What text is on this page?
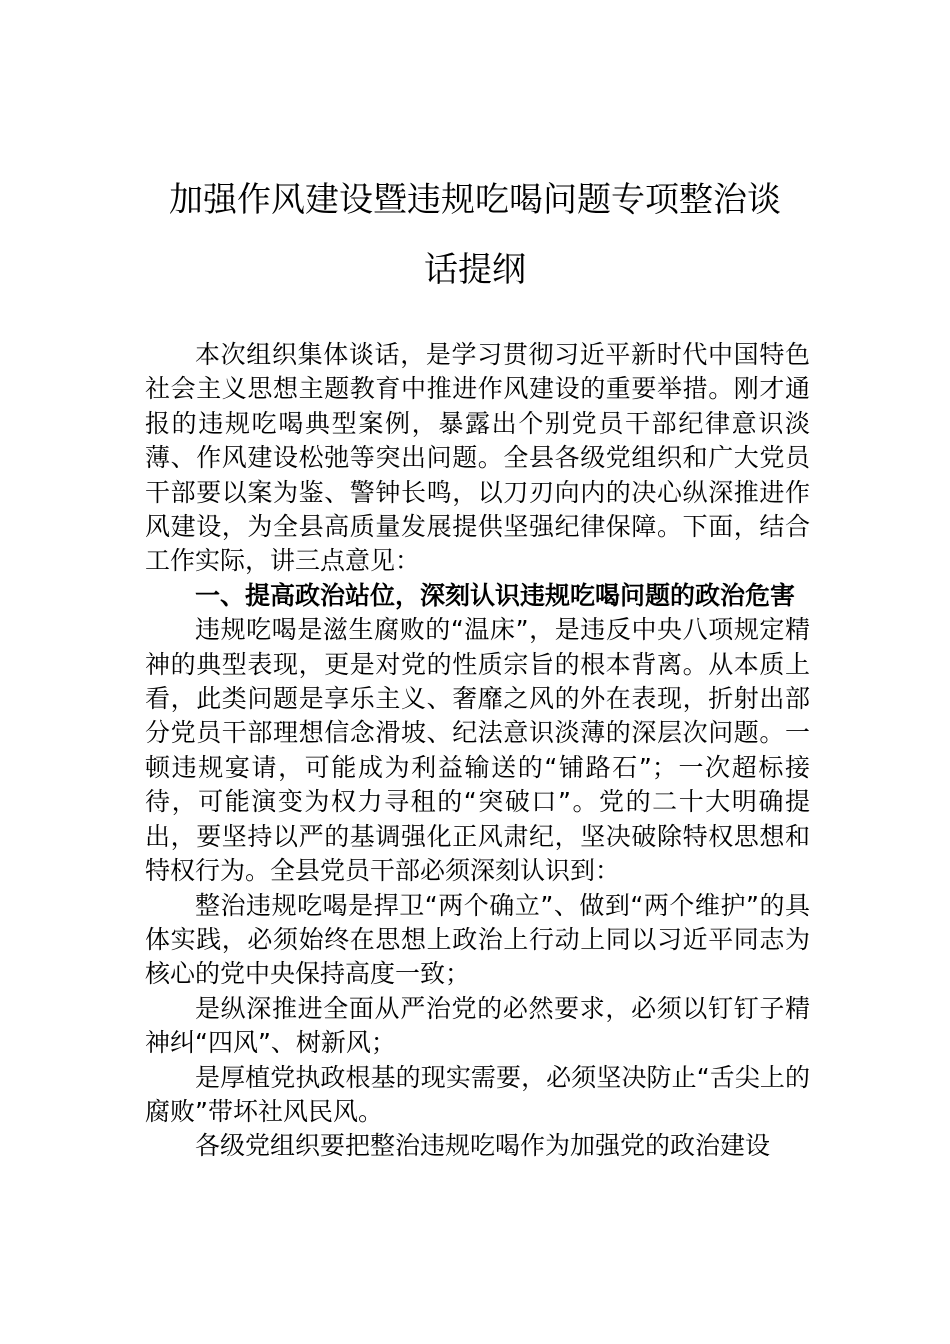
加强作风建设暨违规吃喝问题专项整治谈
话提纲

本次组织集体谈话，是学习贯彻习近平新时代中国特色社会主义思想主题教育中推进作风建设的重要举措。刚才通报的违规吃喝典型案例，暴露出个别党员干部纪律意识淡薄、作风建设松弛等突出问题。全县各级党组织和广大党员干部要以案为鉴、警钟长鸣，以刀刃向内的决心纵深推进作风建设，为全县高质量发展提供坚强纪律保障。下面，结合工作实际，讲三点意见：

一、提高政治站位，深刻认识违规吃喝问题的政治危害

违规吃喝是滋生腐败的“温床”，是违反中央八项规定精神的典型表现，更是对党的性质宗旨的根本背离。从本质上看，此类问题是享乐主义、奢靡之风的外在表现，折射出部分党员干部理想信念滑坡、纪法意识淡薄的深层次问题。一顿违规宴请，可能成为利益输送的“铺路石”；一次超标接待，可能演变为权力寻租的“突破口”。党的二十大明确提出，要坚持以严的基调强化正风肃纪，坚决破除特权思想和特权行为。全县党员干部必须深刻认识到：

整治违规吃喝是捍卫“两个确立”、做到“两个维护”的具体实践，必须始终在思想上政治上行动上同以习近平同志为核心的党中央保持高度一致；

是纵深推进全面从严治党的必然要求，必须以钉钉子精神纠“四风”、树新风；

是厚植党执政根基的现实需要，必须坚决防止“舌尖上的腐败”带坏社风民风。

各级党组织要把整治违规吃喝作为加强党的政治建设
